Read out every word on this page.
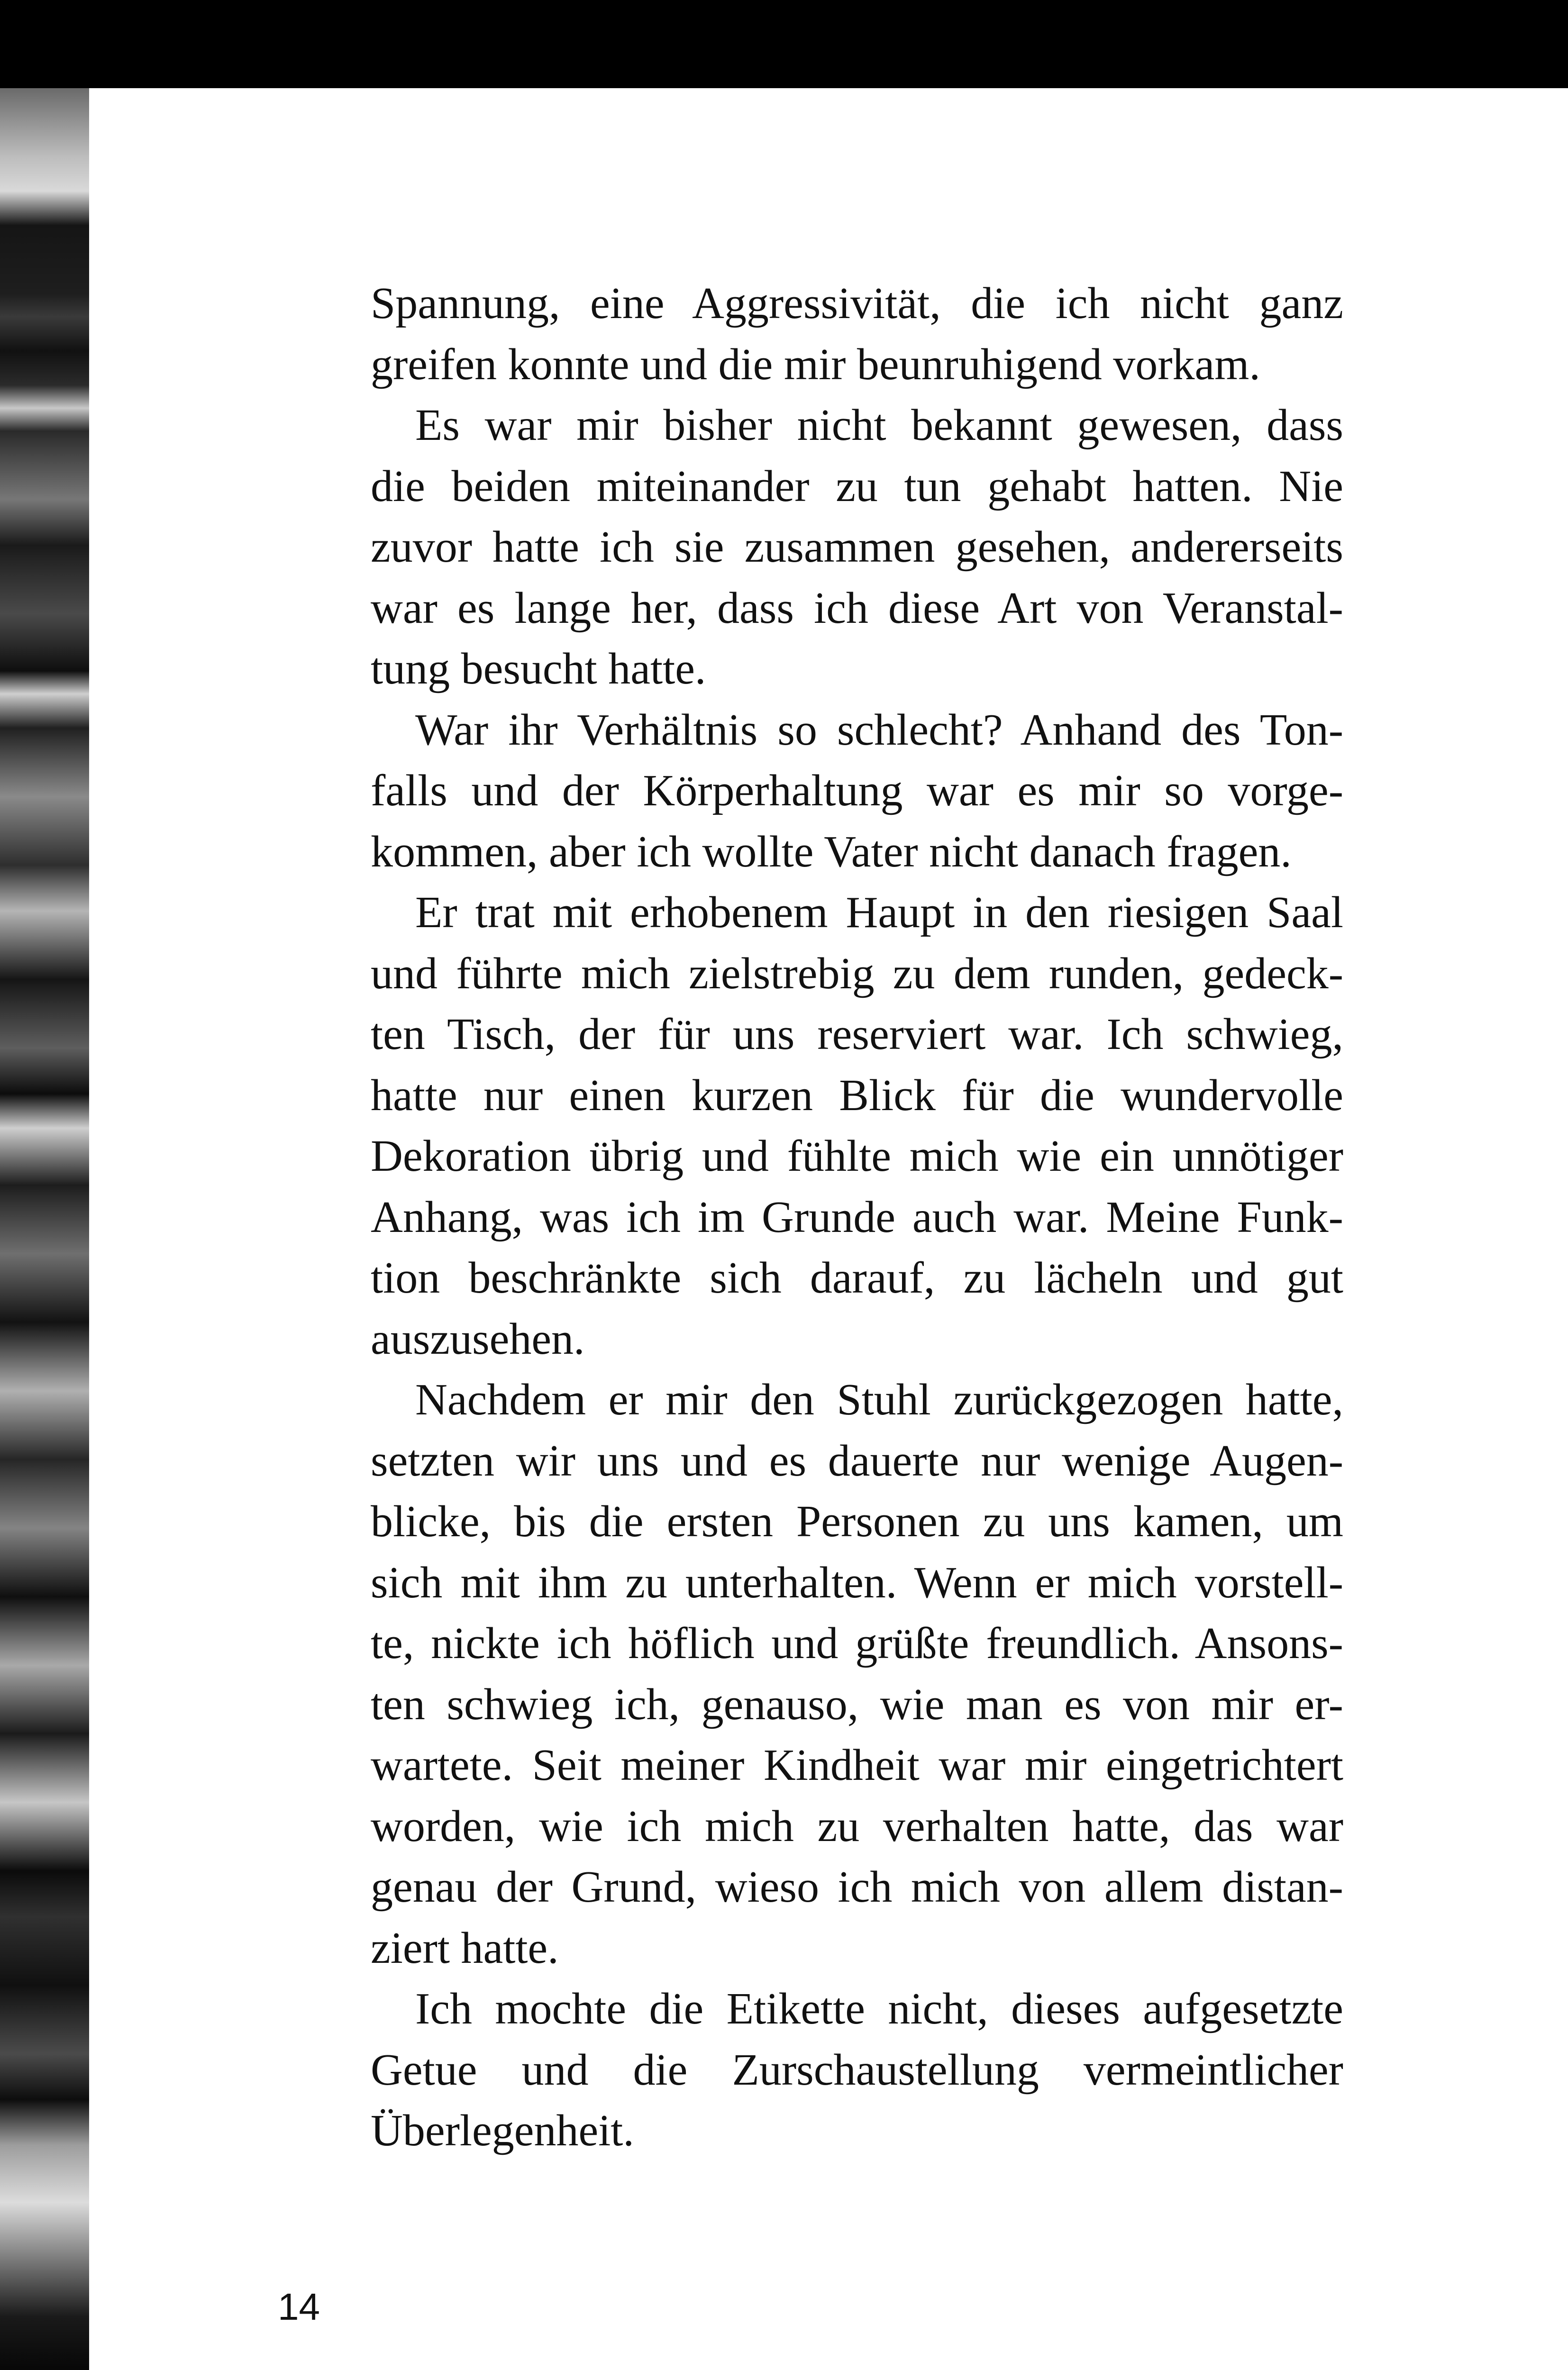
Spannung, eine Aggressivität, die ich nicht ganz
greifen konnte und die mir beunruhigend vorkam.
Es war mir bisher nicht bekannt gewesen, dass
die beiden miteinander zu tun gehabt hatten. Nie
zuvor hatte ich sie zusammen gesehen, andererseits
war es lange her, dass ich diese Art von Veranstal-
tung besucht hatte.
War ihr Verhältnis so schlecht? Anhand des Ton-
falls und der Körperhaltung war es mir so vorge-
kommen, aber ich wollte Vater nicht danach fragen.
Er trat mit erhobenem Haupt in den riesigen Saal
und führte mich zielstrebig zu dem runden, gedeck-
ten Tisch, der für uns reserviert war. Ich schwieg,
hatte nur einen kurzen Blick für die wundervolle
Dekoration übrig und fühlte mich wie ein unnötiger
Anhang, was ich im Grunde auch war. Meine Funk-
tion beschränkte sich darauf, zu lächeln und gut
auszusehen.
Nachdem er mir den Stuhl zurückgezogen hatte,
setzten wir uns und es dauerte nur wenige Augen-
blicke, bis die ersten Personen zu uns kamen, um
sich mit ihm zu unterhalten. Wenn er mich vorstell-
te, nickte ich höflich und grüßte freundlich. Ansons-
ten schwieg ich, genauso, wie man es von mir er-
wartete. Seit meiner Kindheit war mir eingetrichtert
worden, wie ich mich zu verhalten hatte, das war
genau der Grund, wieso ich mich von allem distan-
ziert hatte.
Ich mochte die Etikette nicht, dieses aufgesetzte
Getue und die Zurschaustellung vermeintlicher
Überlegenheit.
14
